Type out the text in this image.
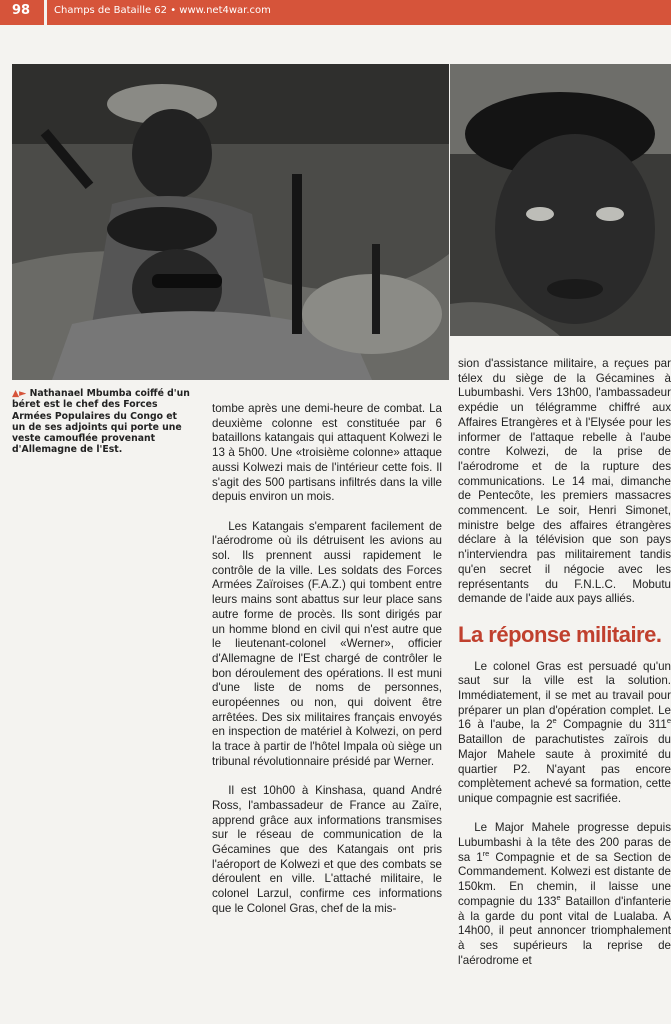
98 Champs de Bataille 62 • www.net4war.com
▲► Nathanael Mbumba coiffé d'un béret est le chef des Forces Armées Populaires du Congo et un de ses adjoints qui porte une veste camouflée provenant d'Allemagne de l'Est.

tombe après une demi-heure de combat. La deuxième colonne est constituée par 6 bataillons katangais qui attaquent Kolwezi le 13 à 5h00. Une «troisième colonne» attaque aussi Kolwezi mais de l'intérieur cette fois. Il s'agit des 500 partisans infiltrés dans la ville depuis environ un mois.

Les Katangais s'emparent facilement de l'aérodrome où ils détruisent les avions au sol. Ils prennent aussi rapidement le contrôle de la ville. Les soldats des Forces Armées Zaïroises (F.A.Z.) qui tombent entre leurs mains sont abattus sur leur place sans autre forme de procès. Ils sont dirigés par un homme blond en civil qui n'est autre que le lieutenant-colonel «Werner», officier d'Allemagne de l'Est chargé de contrôler le bon déroulement des opérations. Il est muni d'une liste de noms de personnes, européennes ou non, qui doivent être arrêtées. Des six militaires français envoyés en inspection de matériel à Kolwezi, on perd la trace à partir de l'hôtel Impala où siège un tribunal révolutionnaire présidé par Werner.

Il est 10h00 à Kinshasa, quand André Ross, l'ambassadeur de France au Zaïre, apprend grâce aux informations transmises sur le réseau de communication de la Gécamines que des Katangais ont pris l'aéroport de Kolwezi et que des combats se déroulent en ville. L'attaché militaire, le colonel Larzul, confirme ces informations que le Colonel Gras, chef de la mis-

sion d'assistance militaire, a reçues par télex du siège de la Gécamines à Lubumbashi. Vers 13h00, l'ambassadeur expédie un télégramme chiffré aux Affaires Etrangères et à l'Elysée pour les informer de l'attaque rebelle à l'aube contre Kolwezi, de la prise de l'aérodrome et de la rupture des communications. Le 14 mai, dimanche de Pentecôte, les premiers massacres commencent. Le soir, Henri Simonet, ministre belge des affaires étrangères déclare à la télévision que son pays n'interviendra pas militairement tandis qu'en secret il négocie avec les représentants du F.N.L.C. Mobutu demande de l'aide aux pays alliés.

La réponse militaire.

Le colonel Gras est persuadé qu'un saut sur la ville est la solution. Immédiatement, il se met au travail pour préparer un plan d'opération complet. Le 16 à l'aube, la 2e Compagnie du 311e Bataillon de parachutistes zaïrois du Major Mahele saute à proximité du quartier P2. N'ayant pas encore complètement achevé sa formation, cette unique compagnie est sacrifiée.

Le Major Mahele progresse depuis Lubumbashi à la tête des 200 paras de sa 1re Compagnie et de sa Section de Commandement. Kolwezi est distante de 150km. En chemin, il laisse une compagnie du 133e Bataillon d'infanterie à la garde du pont vital de Lualaba. A 14h00, il peut annoncer triomphalement à ses supérieurs la reprise de l'aérodrome et
